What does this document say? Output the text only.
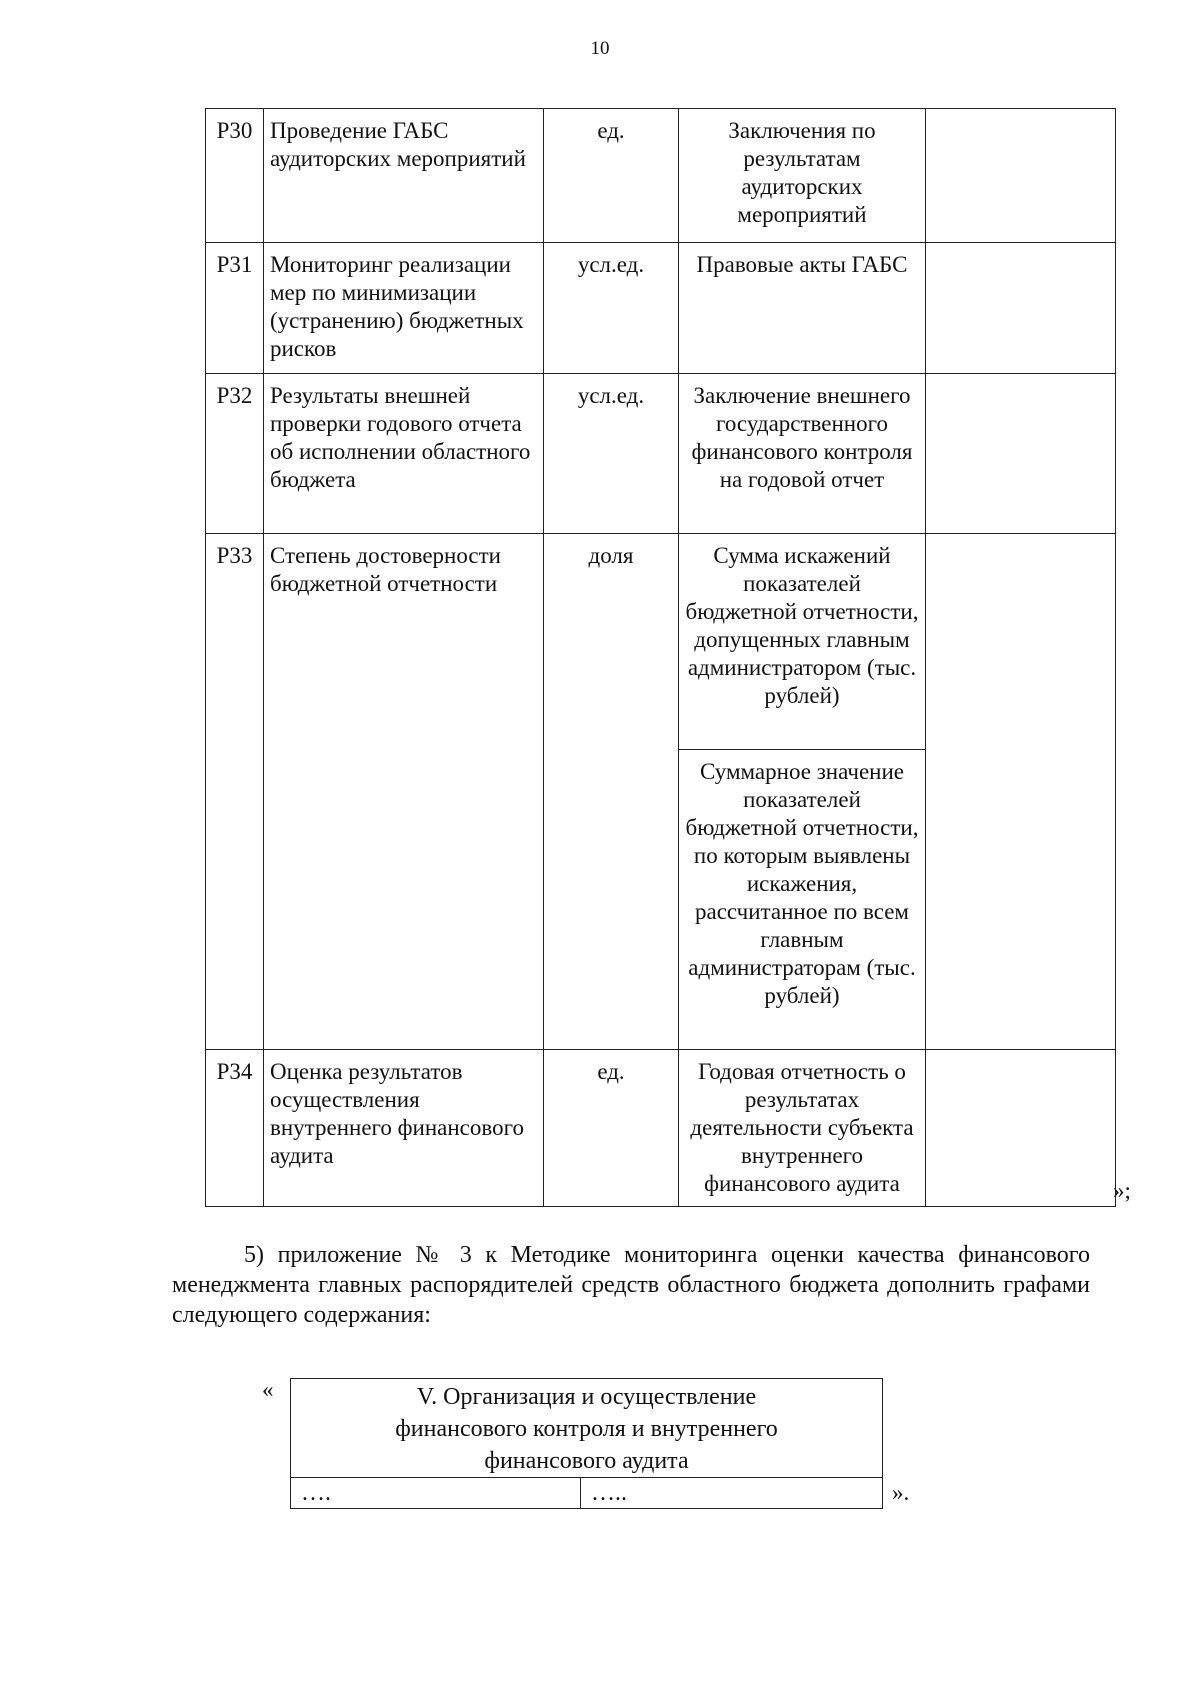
10
Р30	Проведение ГАБС аудиторских мероприятий	ед.	Заключения по результатам аудиторских мероприятий	
Р31	Мониторинг реализации мер по минимизации (устранению) бюджетных рисков	усл.ед.	Правовые акты ГАБС	
Р32	Результаты внешней проверки годового отчета об исполнении областного бюджета	усл.ед.	Заключение внешнего государственного финансового контроля на годовой отчет	
Р33	Степень достоверности бюджетной отчетности	доля	Сумма искажений показателей бюджетной отчетности, допущенных главным администратором (тыс. рублей)	
			Суммарное значение показателей бюджетной отчетности, по которым выявлены искажения, рассчитанное по всем главным администраторам (тыс. рублей)	
Р34	Оценка результатов осуществления внутреннего финансового аудита	ед.	Годовая отчетность о результатах деятельности субъекта внутреннего финансового аудита		»;
5) приложение № 3 к Методике мониторинга оценки качества финансового менеджмента главных распорядителей средств областного бюджета дополнить графами следующего содержания:
«	V. Организация и осуществление
финансового контроля и внутреннего
финансового аудита

….	…..	».
